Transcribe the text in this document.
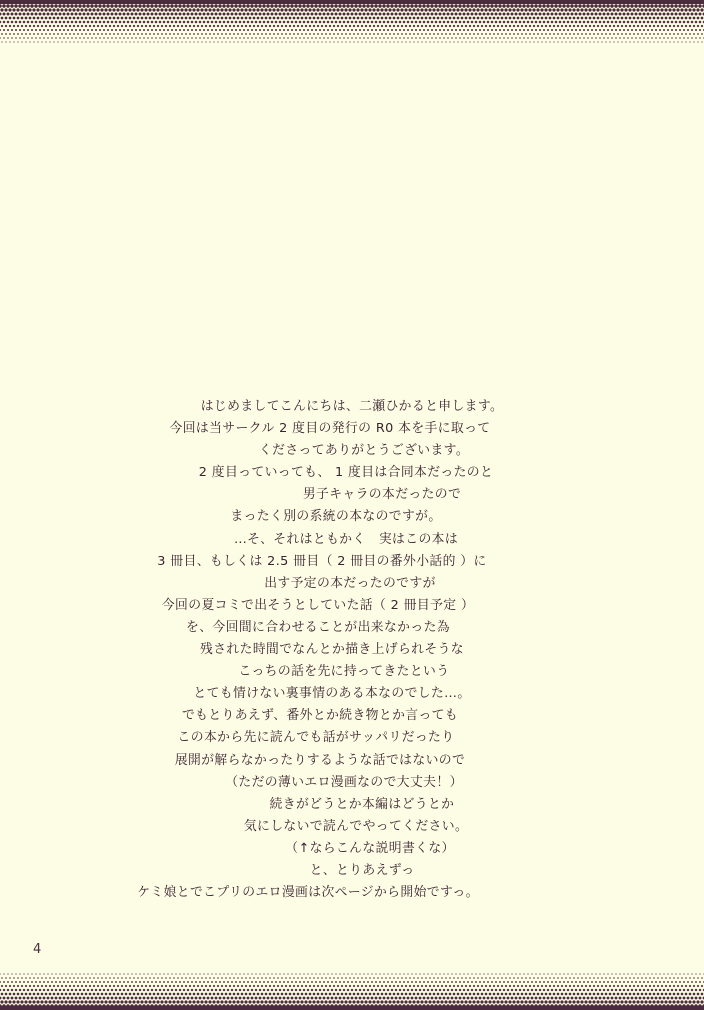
はじめましてこんにちは、二瀬ひかると申します。
今回は当サークル 2 度目の発行の R0 本を手に取って
くださってありがとうございます。
2 度目っていっても、 1 度目は合同本だったのと
男子キャラの本だったので
まったく別の系統の本なのですが。
…そ、それはともかく　実はこの本は
3 冊目、もしくは 2.5 冊目（ 2 冊目の番外小話的 ）に
出す予定の本だったのですが
今回の夏コミで出そうとしていた話（ 2 冊目予定 ）
を、今回間に合わせることが出来なかった為
残された時間でなんとか描き上げられそうな
こっちの話を先に持ってきたという
とても情けない裏事情のある本なのでした…。
でもとりあえず、番外とか続き物とか言っても
この本から先に読んでも話がサッパリだったり
展開が解らなかったりするような話ではないので
（ただの薄いエロ漫画なので大丈夫！）
続きがどうとか本編はどうとか
気にしないで読んでやってください。
（↑ならこんな説明書くな）
と、とりあえずっ
ケミ娘とでこプリのエロ漫画は次ページから開始ですっ。
4
